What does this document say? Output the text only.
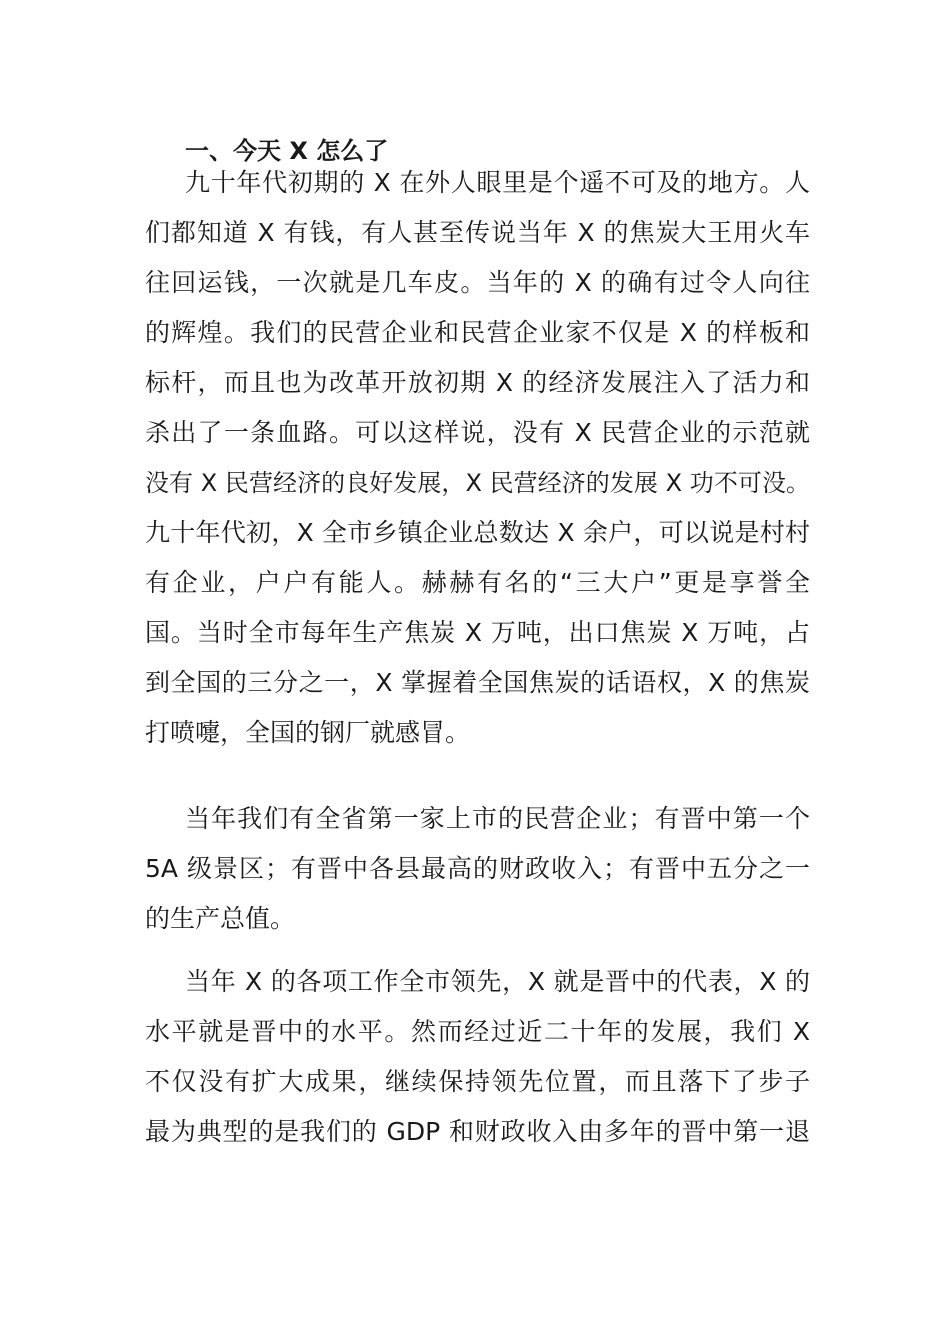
一、今天 X 怎么了
九十年代初期的 X 在外人眼里是个遥不可及的地方。人
们都知道 X 有钱，有人甚至传说当年 X 的焦炭大王用火车
往回运钱，一次就是几车皮。当年的 X 的确有过令人向往
的辉煌。我们的民营企业和民营企业家不仅是 X 的样板和
标杆，而且也为改革开放初期 X 的经济发展注入了活力和
杀出了一条血路。可以这样说，没有 X 民营企业的示范就
没有 X 民营经济的良好发展，X 民营经济的发展 X 功不可没。
九十年代初，X 全市乡镇企业总数达 X 余户，可以说是村村
有企业，户户有能人。赫赫有名的“三大户”更是享誉全
国。当时全市每年生产焦炭 X 万吨，出口焦炭 X 万吨，占
到全国的三分之一，X 掌握着全国焦炭的话语权，X 的焦炭
打喷嚏，全国的钢厂就感冒。
当年我们有全省第一家上市的民营企业；有晋中第一个
5A 级景区；有晋中各县最高的财政收入；有晋中五分之一
的生产总值。
当年 X 的各项工作全市领先，X 就是晋中的代表，X 的
水平就是晋中的水平。然而经过近二十年的发展，我们 X
不仅没有扩大成果，继续保持领先位置，而且落下了步子
最为典型的是我们的 GDP 和财政收入由多年的晋中第一退
